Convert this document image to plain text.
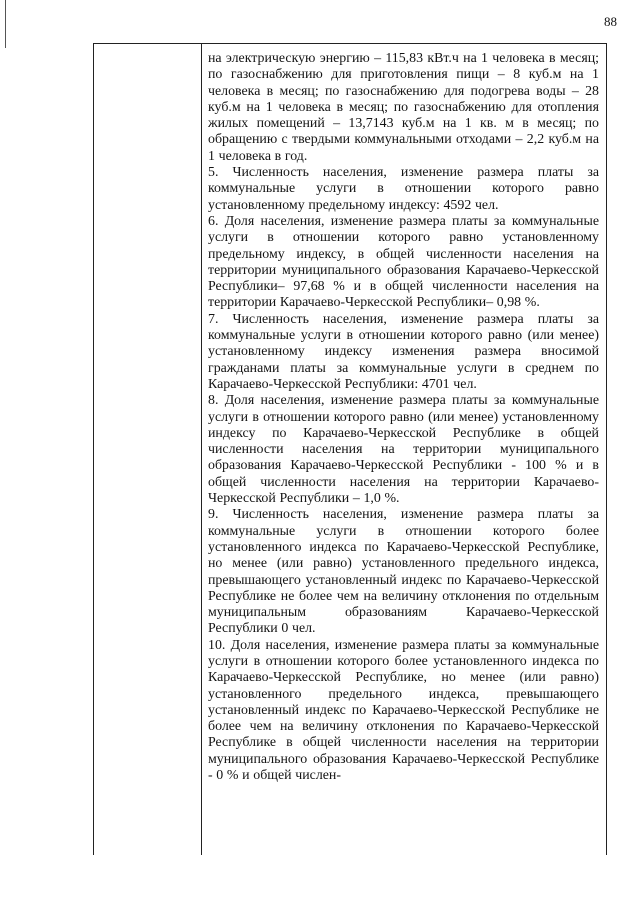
88

на электрическую энергию – 115,83 кВт.ч на 1 человека в месяц; по газоснабжению для приготовления пищи – 8 куб.м на 1 человека в месяц; по газоснабжению для подогрева воды – 28 куб.м на 1 человека в месяц; по газоснабжению для отопления жилых помещений – 13,7143 куб.м на 1 кв. м в месяц; по обращению с твердыми коммунальными отходами – 2,2 куб.м на 1 человека в год.

5. Численность населения, изменение размера платы за коммунальные услуги в отношении которого равно установленному предельному индексу: 4592 чел.

6. Доля населения, изменение размера платы за коммунальные услуги в отношении которого равно установленному предельному индексу, в общей численности населения на территории муниципального образования Карачаево-Черкесской Республики– 97,68 % и в общей численности населения на территории Карачаево-Черкесской Республики– 0,98 %.

7. Численность населения, изменение размера платы за коммунальные услуги в отношении которого равно (или менее) установленному индексу изменения размера вносимой гражданами платы за коммунальные услуги в среднем по Карачаево-Черкесской Республики: 4701 чел.

8. Доля населения, изменение размера платы за коммунальные услуги в отношении которого равно (или менее) установленному индексу по Карачаево-Черкесской Республике в общей численности населения на территории муниципального образования Карачаево-Черкесской Республики - 100 % и в общей численности населения на территории Карачаево-Черкесской Республики – 1,0 %.

9. Численность населения, изменение размера платы за коммунальные услуги в отношении которого более установленного индекса по Карачаево-Черкесской Республике, но менее (или равно) установленного предельного индекса, превышающего установленный индекс по Карачаево-Черкесской Республике не более чем на величину отклонения по отдельным муниципальным образованиям Карачаево-Черкесской Республики 0 чел.

10. Доля населения, изменение размера платы за коммунальные услуги в отношении которого более установленного индекса по Карачаево-Черкесской Республике, но менее (или равно) установленного предельного индекса, превышающего установленный индекс по Карачаево-Черкесской Республике не более чем на величину отклонения по Карачаево-Черкесской Республике в общей численности населения на территории муниципального образования Карачаево-Черкесской Республике - 0 % и общей числен-
